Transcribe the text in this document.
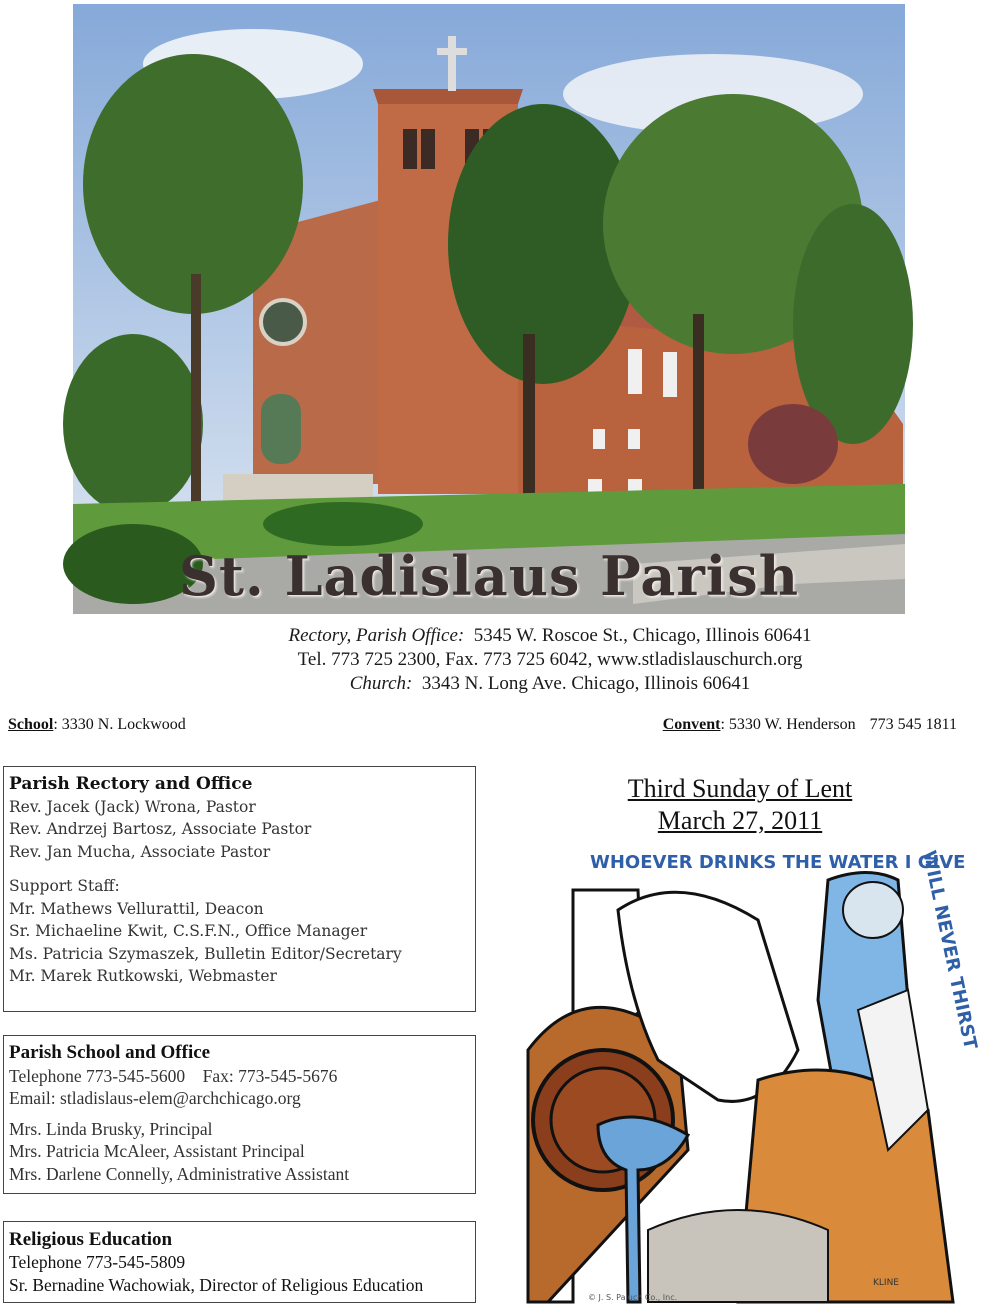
St. Ladislaus Parish
Rectory, Parish Office: 5345 W. Roscoe St., Chicago, Illinois 60641
Tel. 773 725 2300, Fax. 773 725 6042, www.stladislauschurch.org
Church: 3343 N. Long Ave. Chicago, Illinois 60641
School: 3330 N. Lockwood	Convent: 5330 W. Henderson 773 545 1811
Parish Rectory and Office
Rev. Jacek (Jack) Wrona, Pastor
Rev. Andrzej Bartosz, Associate Pastor
Rev. Jan Mucha, Associate Pastor
Support Staff:
Mr. Mathews Vellurattil, Deacon
Sr. Michaeline Kwit, C.S.F.N., Office Manager
Ms. Patricia Szymaszek, Bulletin Editor/Secretary
Mr. Marek Rutkowski, Webmaster
Parish School and Office
Telephone 773-545-5600 Fax: 773-545-5676
Email: stladislaus-elem@archchicago.org
Mrs. Linda Brusky, Principal
Mrs. Patricia McAleer, Assistant Principal
Mrs. Darlene Connelly, Administrative Assistant
Religious Education
Telephone 773-545-5809
Sr. Bernadine Wachowiak, Director of Religious Education
Third Sunday of Lent
March 27, 2011
WHOEVER DRINKS THE WATER I GIVE
WILL NEVER THIRST
KLINE
© J. S. Paluch Co., Inc.
